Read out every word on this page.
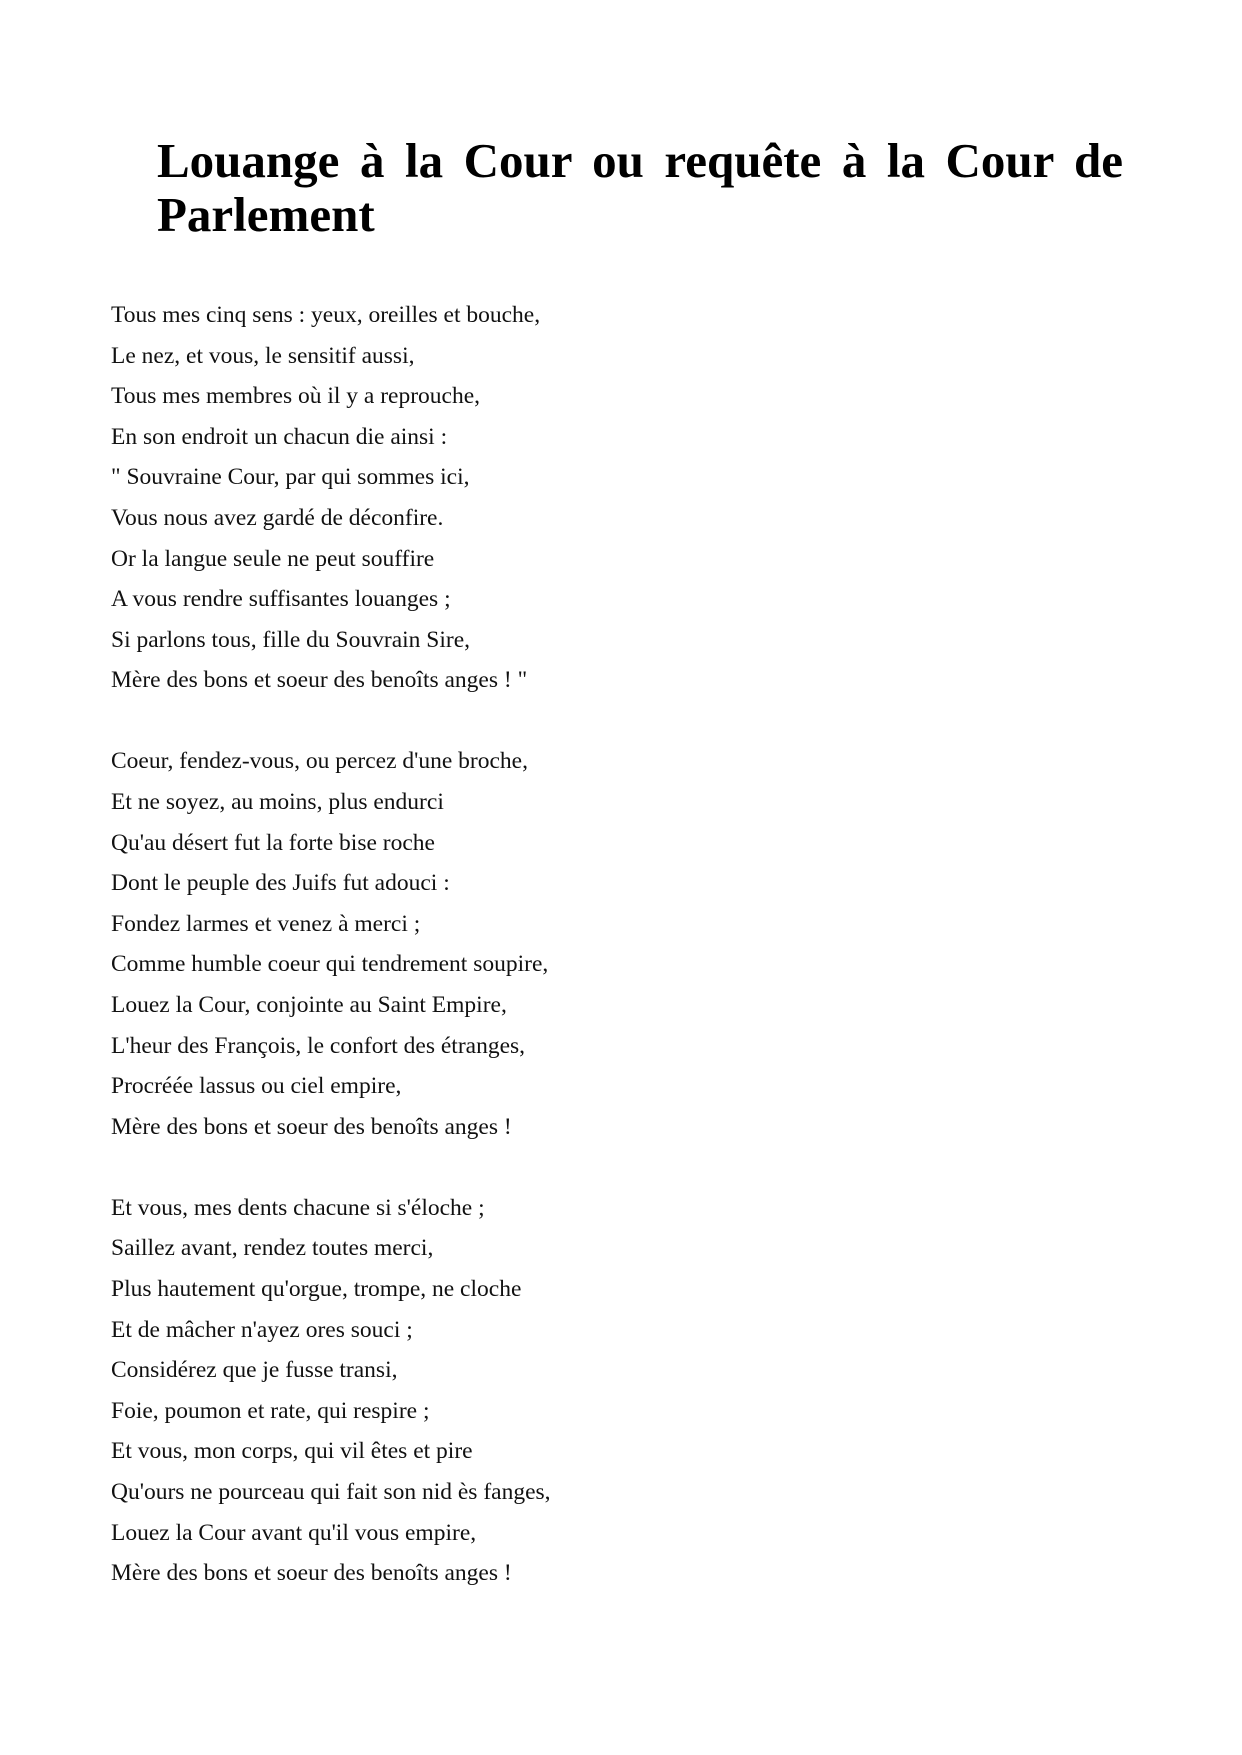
Louange à la Cour ou requête à la Cour de Parlement
Tous mes cinq sens : yeux, oreilles et bouche,
Le nez, et vous, le sensitif aussi,
Tous mes membres où il y a reprouche,
En son endroit un chacun die ainsi :
" Souvraine Cour, par qui sommes ici,
Vous nous avez gardé de déconfire.
Or la langue seule ne peut souffire
A vous rendre suffisantes louanges ;
Si parlons tous, fille du Souvrain Sire,
Mère des bons et soeur des benoîts anges ! "
Coeur, fendez-vous, ou percez d'une broche,
Et ne soyez, au moins, plus endurci
Qu'au désert fut la forte bise roche
Dont le peuple des Juifs fut adouci :
Fondez larmes et venez à merci ;
Comme humble coeur qui tendrement soupire,
Louez la Cour, conjointe au Saint Empire,
L'heur des François, le confort des étranges,
Procréée lassus ou ciel empire,
Mère des bons et soeur des benoîts anges !
Et vous, mes dents chacune si s'éloche ;
Saillez avant, rendez toutes merci,
Plus hautement qu'orgue, trompe, ne cloche
Et de mâcher n'ayez ores souci ;
Considérez que je fusse transi,
Foie, poumon et rate, qui respire ;
Et vous, mon corps, qui vil êtes et pire
Qu'ours ne pourceau qui fait son nid ès fanges,
Louez la Cour avant qu'il vous empire,
Mère des bons et soeur des benoîts anges !
